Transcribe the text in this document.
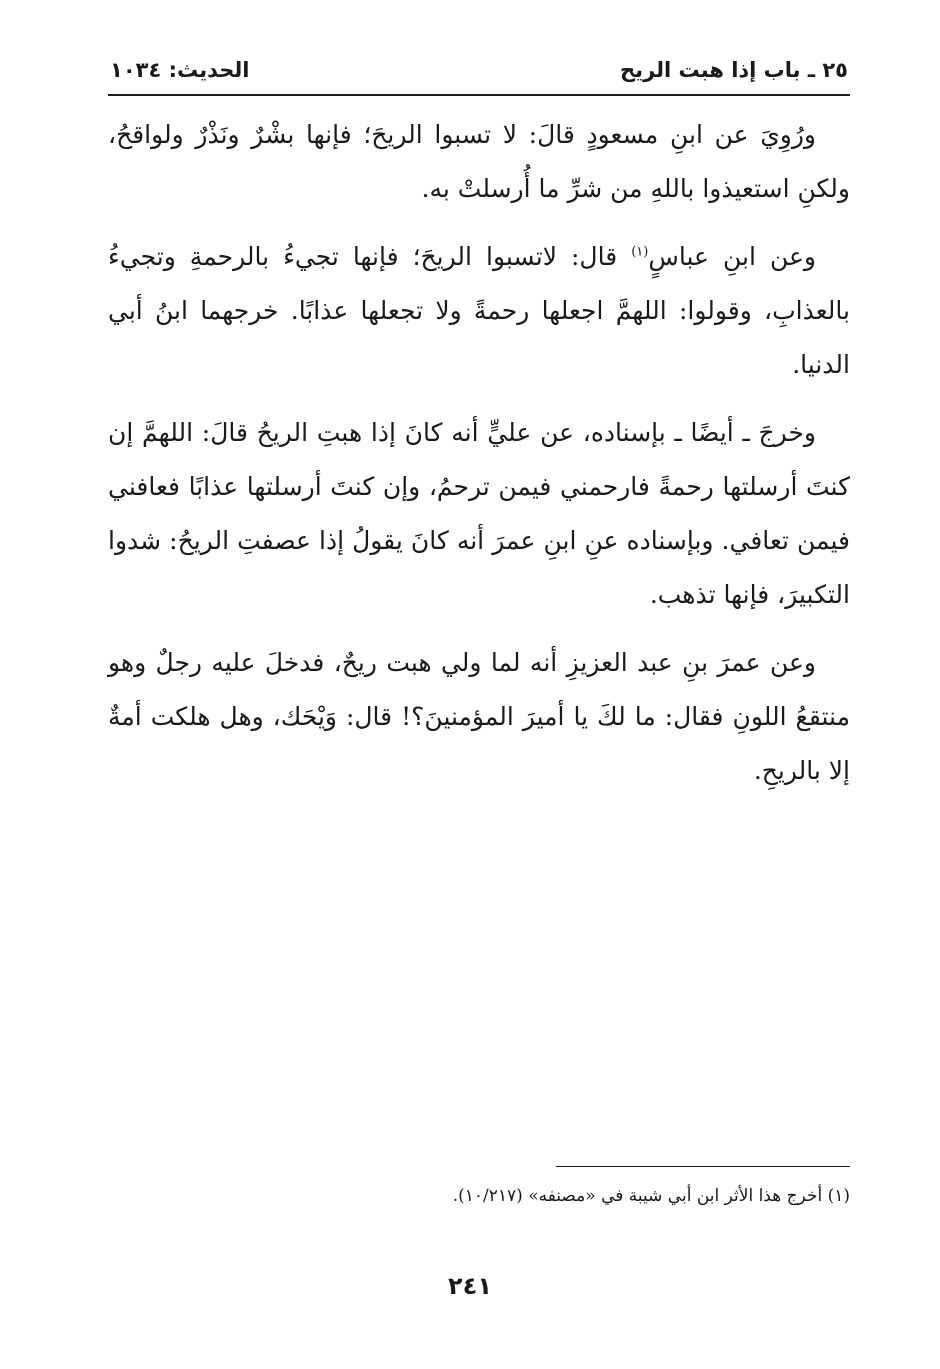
٢٥ ـ باب إذا هبت الريح
الحديث: ١٠٣٤

ورُوِيَ عن ابنِ مسعودٍ قالَ: لا تسبوا الريحَ؛ فإنها بشْرٌ ونَذْرٌ ولواقحُ، ولكنِ استعيذوا باللهِ من شرِّ ما أُرسلتْ به.

وعن ابنِ عباسٍ$^{(١)}$ قال: لاتسبوا الريحَ؛ فإنها تجيءُ بالرحمةِ وتجيءُ بالعذابِ، وقولوا: اللهمَّ اجعلها رحمةً ولا تجعلها عذابًا. خرجهما ابنُ أبي الدنيا.

وخرجَ ـ أيضًا ـ بإسناده، عن عليٍّ أنه كانَ إذا هبتِ الريحُ قالَ: اللهمَّ إن كنتَ أرسلتها رحمةً فارحمني فيمن ترحمُ، وإن كنتَ أرسلتها عذابًا فعافني فيمن تعافي. وبإسناده عنِ ابنِ عمرَ أنه كانَ يقولُ إذا عصفتِ الريحُ: شدوا التكبيرَ، فإنها تذهب.

وعن عمرَ بنِ عبد العزيزِ أنه لما ولي هبت ريحٌ، فدخلَ عليه رجلٌ وهو منتقعُ اللونِ فقال: ما لكَ يا أميرَ المؤمنينَ؟! قال: وَيْحَك، وهل هلكت أمةٌ إلا بالريحِ.

(١) أخرج هذا الأثر ابن أبي شيبة في «مصنفه» (١٠/٢١٧).
٢٤١
